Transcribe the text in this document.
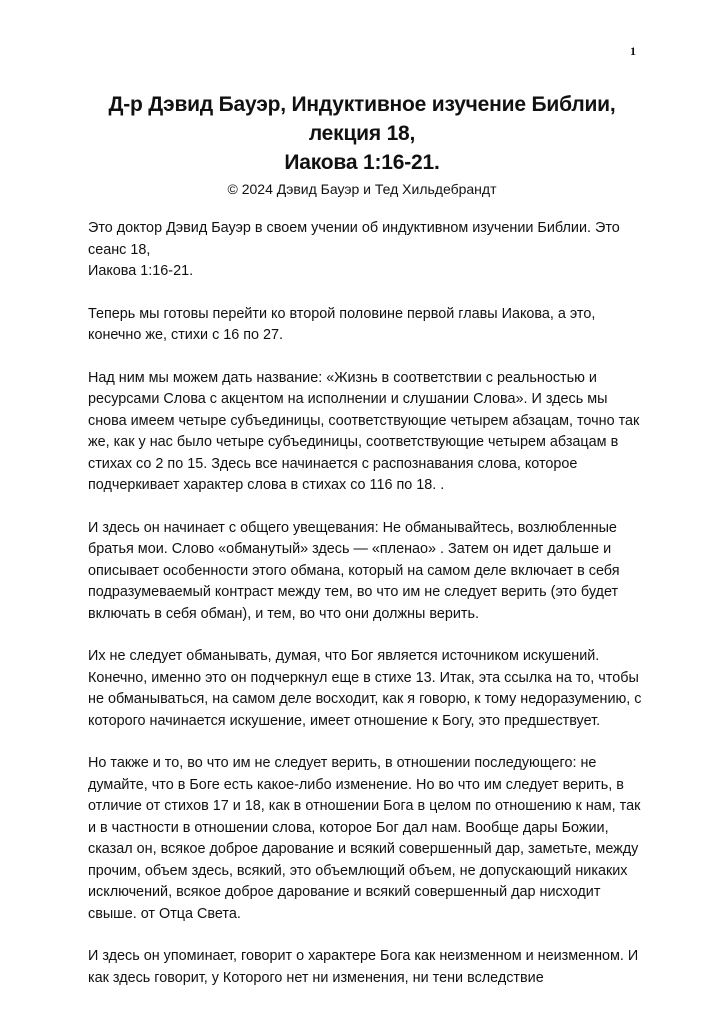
1
Д-р Дэвид Бауэр, Индуктивное изучение Библии,
лекция 18,
Иакова 1:16-21.
© 2024 Дэвид Бауэр и Тед Хильдебрандт

Это доктор Дэвид Бауэр в своем учении об индуктивном изучении Библии. Это сеанс 18,
Иакова 1:16-21.

Теперь мы готовы перейти ко второй половине первой главы Иакова, а это, конечно же, стихи с 16 по 27.

Над ним мы можем дать название: «Жизнь в соответствии с реальностью и ресурсами Слова с акцентом на исполнении и слушании Слова». И здесь мы снова имеем четыре субъединицы, соответствующие четырем абзацам, точно так же, как у нас было четыре субъединицы, соответствующие четырем абзацам в стихах со 2 по 15. Здесь все начинается с распознавания слова, которое подчеркивает характер слова в стихах со 116 по 18. .

И здесь он начинает с общего увещевания: Не обманывайтесь, возлюбленные братья мои. Слово «обманутый» здесь — «плeнао» . Затем он идет дальше и описывает особенности этого обмана, который на самом деле включает в себя подразумеваемый контраст между тем, во что им не следует верить (это будет включать в себя обман), и тем, во что они должны верить.

Их не следует обманывать, думая, что Бог является источником искушений. Конечно, именно это он подчеркнул еще в стихе 13. Итак, эта ссылка на то, чтобы не обманываться, на самом деле восходит, как я говорю, к тому недоразумению, с которого начинается искушение, имеет отношение к Богу, это предшествует.

Но также и то, во что им не следует верить, в отношении последующего: не думайте, что в Боге есть какое-либо изменение. Но во что им следует верить, в отличие от стихов 17 и 18, как в отношении Бога в целом по отношению к нам, так и в частности в отношении слова, которое Бог дал нам. Вообще дары Божии, сказал он, всякое доброе дарование и всякий совершенный дар, заметьте, между прочим, объем здесь, всякий, это объемлющий объем, не допускающий никаких исключений, всякое доброе дарование и всякий совершенный дар нисходит свыше. от Отца Света.

И здесь он упоминает, говорит о характере Бога как неизменном и неизменном. И как здесь говорит, у Которого нет ни изменения, ни тени вследствие
